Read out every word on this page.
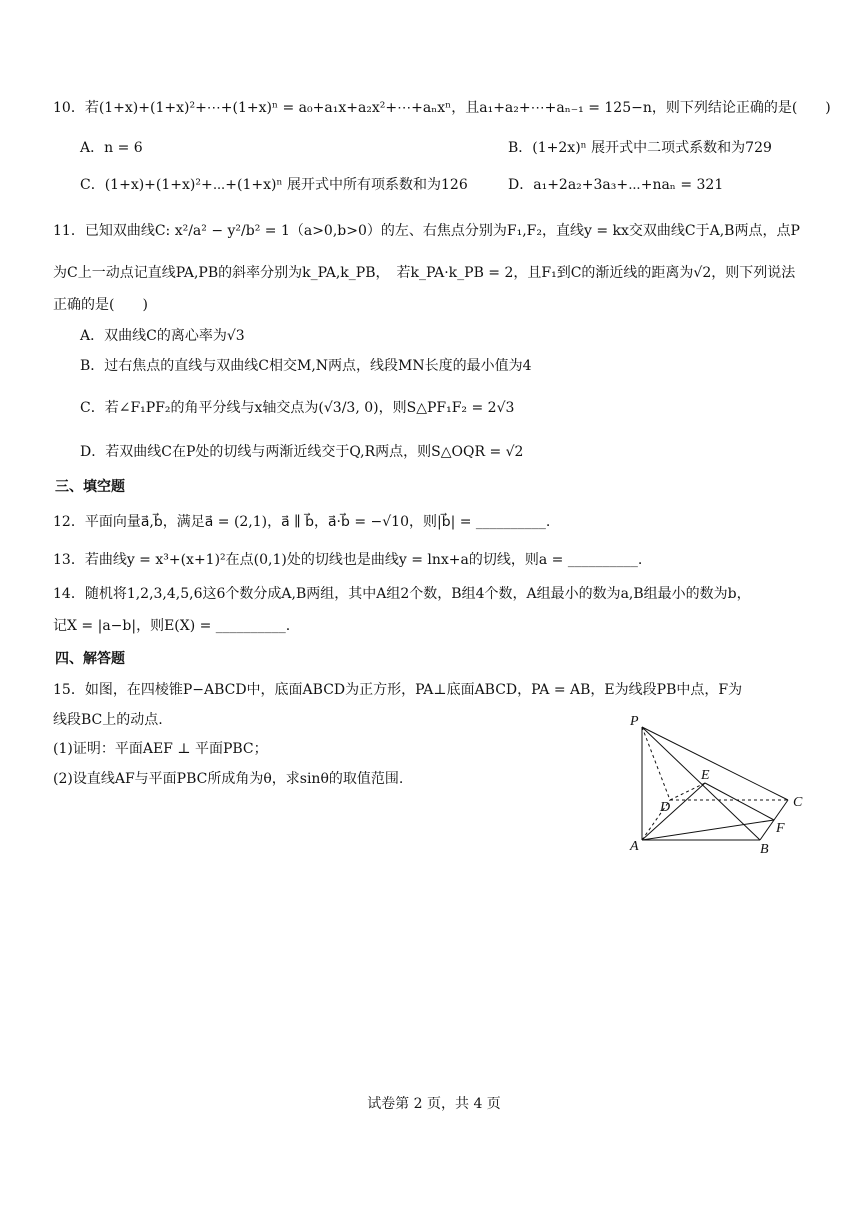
10．若(1+x)+(1+x)²+⋯+(1+x)ⁿ = a₀+a₁x+a₂x²+⋯+aₙxⁿ，且a₁+a₂+⋯+aₙ₋₁ = 125−n，则下列结论正确的是(　　)
A．n = 6	B．(1+2x)ⁿ 展开式中二项式系数和为729
C．(1+x)+(1+x)²+⋯+(1+x)ⁿ 展开式中所有项系数和为126	D．a₁+2a₂+3a₃+⋯+naₙ = 321
11．已知双曲线C: x²/a² − y²/b² = 1（a>0,b>0）的左、右焦点分别为F₁,F₂，直线y = kx交双曲线C于A,B两点，点P
为C上一动点记直线PA,PB的斜率分别为k_PA,k_PB，　若k_PA·k_PB = 2，且F₁到C的渐近线的距离为√2，则下列说法
正确的是(　　)
A．双曲线C的离心率为√3
B．过右焦点的直线与双曲线C相交M,N两点，线段MN长度的最小值为4
C．若∠F₁PF₂的角平分线与x轴交点为(√3/3, 0)，则S△PF₁F₂ = 2√3
D．若双曲线C在P处的切线与两渐近线交于Q,R两点，则S△OQR = √2
三、填空题
12．平面向量a⃗,b⃗，满足a⃗ = (2,1)，a⃗ ∥ b⃗，a⃗·b⃗ = −√10，则|b⃗| = __________.
13．若曲线y = x³+(x+1)²在点(0,1)处的切线也是曲线y = lnx+a的切线，则a = __________.
14．随机将1,2,3,4,5,6这6个数分成A,B两组，其中A组2个数，B组4个数，A组最小的数为a,B组最小的数为b，
记X = |a−b|，则E(X) = __________.
四、解答题
15．如图，在四棱锥P−ABCD中，底面ABCD为正方形，PA⊥底面ABCD，PA = AB，E为线段PB中点，F为
线段BC上的动点.
(1)证明：平面AEF ⊥ 平面PBC；
(2)设直线AF与平面PBC所成角为θ，求sinθ的取值范围.
P
A	B
C
D
E
F
试卷第 2 页，共 4 页
